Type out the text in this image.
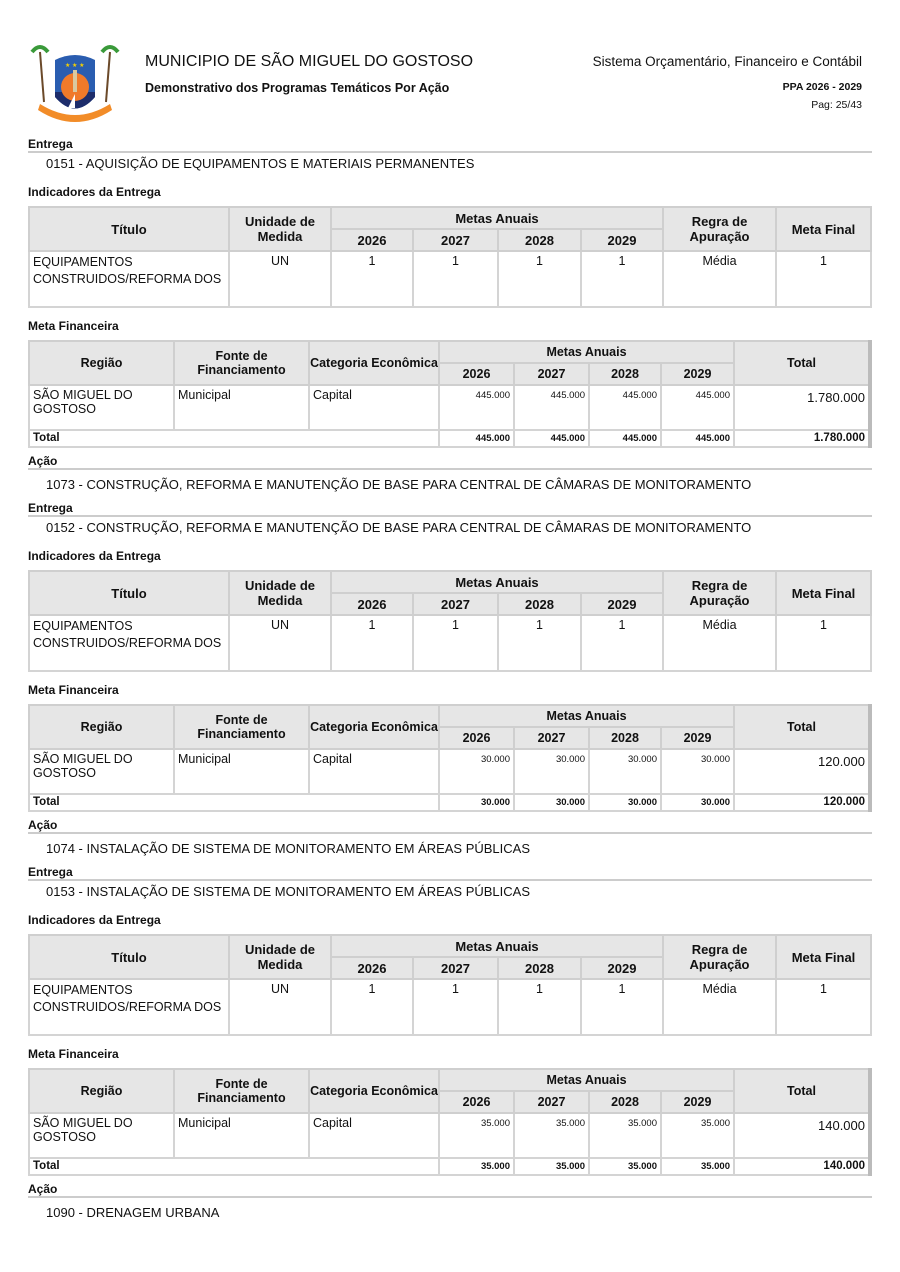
★ ★ ★	MUNICIPIO DE SÃO MIGUEL DO GOSTOSO
Demonstrativo dos Programas Temáticos Por Ação
Sistema Orçamentário, Financeiro e Contábil
PPA 2026 - 2029
Pag: 25/43
Entrega
0151 - AQUISIÇÃO DE EQUIPAMENTOS E MATERIAIS PERMANENTES
Indicadores da Entrega
Título	Unidade de Medida	Metas Anuais				Regra de Apuração	Meta Final
		2026	2027	2028	2029		
EQUIPAMENTOS CONSTRUIDOS/REFORMA DOS	UN	1	1	1	1	Média	1
Meta Financeira
Região	Fonte de Financiamento	Categoria Econômica	Metas Anuais				Total
			2026	2027	2028	2029	
SÃO MIGUEL DO GOSTOSO	Municipal	Capital	445.000	445.000	445.000	445.000	1.780.000
Total			445.000	445.000	445.000	445.000	1.780.000
Ação
1073 - CONSTRUÇÃO, REFORMA E MANUTENÇÃO DE BASE PARA CENTRAL DE CÂMARAS DE MONITORAMENTO
Entrega
0152 - CONSTRUÇÃO, REFORMA E MANUTENÇÃO DE BASE PARA CENTRAL DE CÂMARAS DE MONITORAMENTO
Indicadores da Entrega
Título	Unidade de Medida	Metas Anuais				Regra de Apuração	Meta Final
		2026	2027	2028	2029		
EQUIPAMENTOS CONSTRUIDOS/REFORMA DOS	UN	1	1	1	1	Média	1
Meta Financeira
Região	Fonte de Financiamento	Categoria Econômica	Metas Anuais				Total
			2026	2027	2028	2029	
SÃO MIGUEL DO GOSTOSO	Municipal	Capital	30.000	30.000	30.000	30.000	120.000
Total			30.000	30.000	30.000	30.000	120.000
Ação
1074 - INSTALAÇÃO DE SISTEMA DE MONITORAMENTO EM ÁREAS PÚBLICAS
Entrega
0153 - INSTALAÇÃO DE SISTEMA DE MONITORAMENTO EM ÁREAS PÚBLICAS
Indicadores da Entrega
Título	Unidade de Medida	Metas Anuais				Regra de Apuração	Meta Final
		2026	2027	2028	2029		
EQUIPAMENTOS CONSTRUIDOS/REFORMA DOS	UN	1	1	1	1	Média	1
Meta Financeira
Região	Fonte de Financiamento	Categoria Econômica	Metas Anuais				Total
			2026	2027	2028	2029	
SÃO MIGUEL DO GOSTOSO	Municipal	Capital	35.000	35.000	35.000	35.000	140.000
Total			35.000	35.000	35.000	35.000	140.000
Ação
1090 - DRENAGEM URBANA
